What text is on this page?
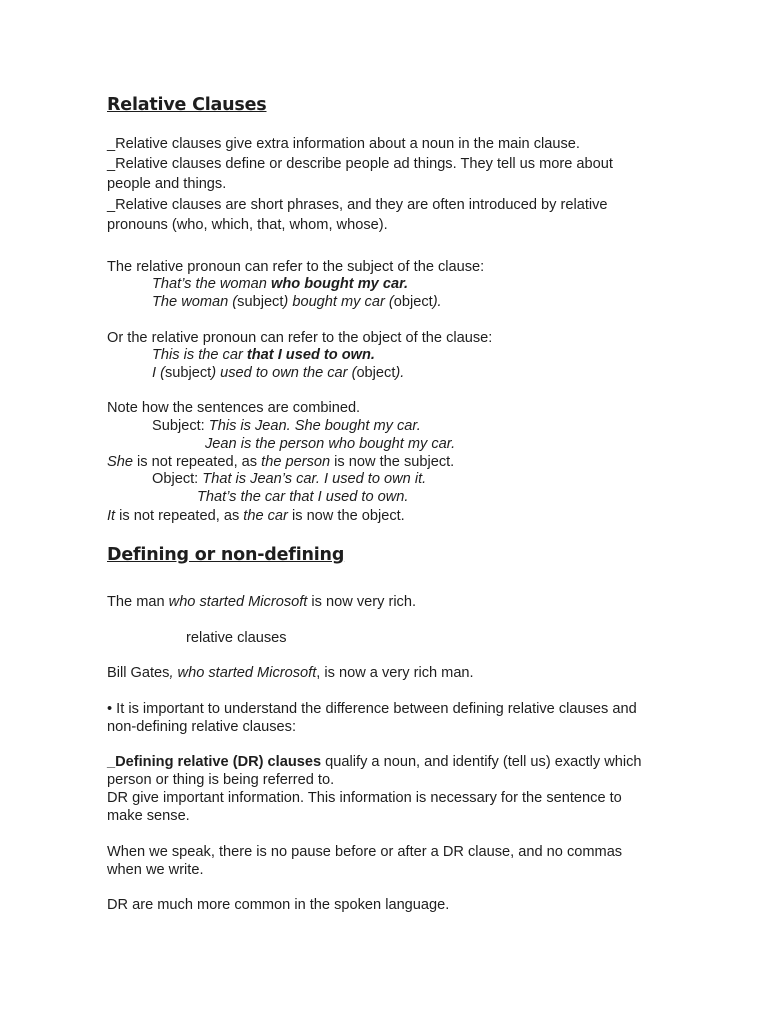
Relative Clauses
_Relative clauses give extra information about a noun in the main clause.
_Relative clauses define or describe people ad things. They tell us more about
people and things.
_Relative clauses are short phrases, and they are often introduced by relative
pronouns (who, which, that, whom, whose).
The relative pronoun can refer to the subject of the clause:
That’s the woman who bought my car.
The woman (subject) bought my car (object).
Or the relative pronoun can refer to the object of the clause:
This is the car that I used to own.
I (subject) used to own the car (object).
Note how the sentences are combined.
Subject: This is Jean. She bought my car.
Jean is the person who bought my car.
She is not repeated, as the person is now the subject.
Object: That is Jean’s car. I used to own it.
That’s the car that I used to own.
It is not repeated, as the car is now the object.
Defining or non-defining
The man who started Microsoft is now very rich.
relative clauses
Bill Gates, who started Microsoft, is now a very rich man.
• It is important to understand the difference between defining relative clauses and
non-defining relative clauses:
_Defining relative (DR) clauses qualify a noun, and identify (tell us) exactly which
person or thing is being referred to.
DR give important information. This information is necessary for the sentence to
make sense.
When we speak, there is no pause before or after a DR clause, and no commas
when we write.
DR are much more common in the spoken language.
